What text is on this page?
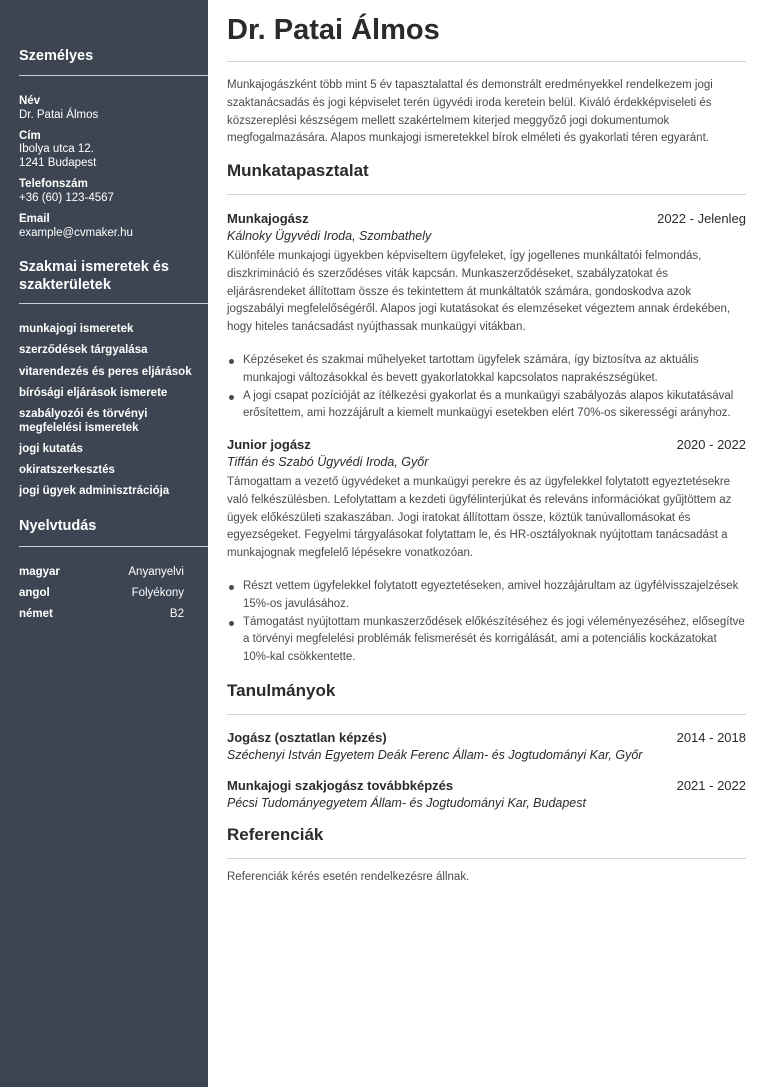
Személyes
Név
Dr. Patai Álmos
Cím
Ibolya utca 12.
1241 Budapest
Telefonszám
+36 (60) 123-4567
Email
example@cvmaker.hu
Szakmai ismeretek és
szakterületek
munkajogi ismeretek
szerződések tárgyalása
vitarendezés és peres eljárások
bírósági eljárások ismerete
szabályozói és törvényi megfelelési ismeretek
jogi kutatás
okiratszerkesztés
jogi ügyek adminisztrációja
Nyelvtudás
magyar	Anyanyelvi
angol	Folyékony
német	B2
Dr. Patai Álmos
Munkajogászként több mint 5 év tapasztalattal és demonstrált eredményekkel rendelkezem jogi szaktanácsadás és jogi képviselet terén ügyvédi iroda keretein belül. Kiváló érdekképviseleti és közszereplési készségem mellett szakértelmem kiterjed meggyőző jogi dokumentumok megfogalmazására. Alapos munkajogi ismeretekkel bírok elméleti és gyakorlati téren egyaránt.
Munkatapasztalat
Munkajogász	2022 - Jelenleg
Kálnoky Ügyvédi Iroda, Szombathely
Különféle munkajogi ügyekben képviseltem ügyfeleket, így jogellenes munkáltatói felmondás, diszkrimináció és szerződéses viták kapcsán. Munkaszerződéseket, szabályzatokat és eljárásrendeket állítottam össze és tekintettem át munkáltatók számára, gondoskodva azok jogszabályi megfelelőségéről. Alapos jogi kutatásokat és elemzéseket végeztem annak érdekében, hogy hiteles tanácsadást nyújthassak munkaügyi vitákban.
Képzéseket és szakmai műhelyeket tartottam ügyfelek számára, így biztosítva az aktuális munkajogi változásokkal és bevett gyakorlatokkal kapcsolatos naprakészségüket.
A jogi csapat pozícióját az ítélkezési gyakorlat és a munkaügyi szabályozás alapos kikutatásával erősítettem, ami hozzájárult a kiemelt munkaügyi esetekben elért 70%-os sikerességi arányhoz.
Junior jogász	2020 - 2022
Tiffán és Szabó Ügyvédi Iroda, Győr
Támogattam a vezető ügyvédeket a munkaügyi perekre és az ügyfelekkel folytatott egyeztetésekre való felkészülésben. Lefolytattam a kezdeti ügyfélinterjúkat és releváns információkat gyűjtöttem az ügyek előkészületi szakaszában. Jogi iratokat állítottam össze, köztük tanúvallomásokat és egyezségeket. Fegyelmi tárgyalásokat folytattam le, és HR-osztályoknak nyújtottam tanácsadást a munkajognak megfelelő lépésekre vonatkozóan.
Részt vettem ügyfelekkel folytatott egyeztetéseken, amivel hozzájárultam az ügyfélvisszajelzések 15%-os javulásához.
Támogatást nyújtottam munkaszerződések előkészítéséhez és jogi véleményezéséhez, elősegítve a törvényi megfelelési problémák felismerését és korrigálását, ami a potenciális kockázatokat 10%-kal csökkentette.
Tanulmányok
Jogász (osztatlan képzés)	2014 - 2018
Széchenyi István Egyetem Deák Ferenc Állam- és Jogtudományi Kar, Győr
Munkajogi szakjogász továbbképzés	2021 - 2022
Pécsi Tudományegyetem Állam- és Jogtudományi Kar, Budapest
Referenciák
Referenciák kérés esetén rendelkezésre állnak.
